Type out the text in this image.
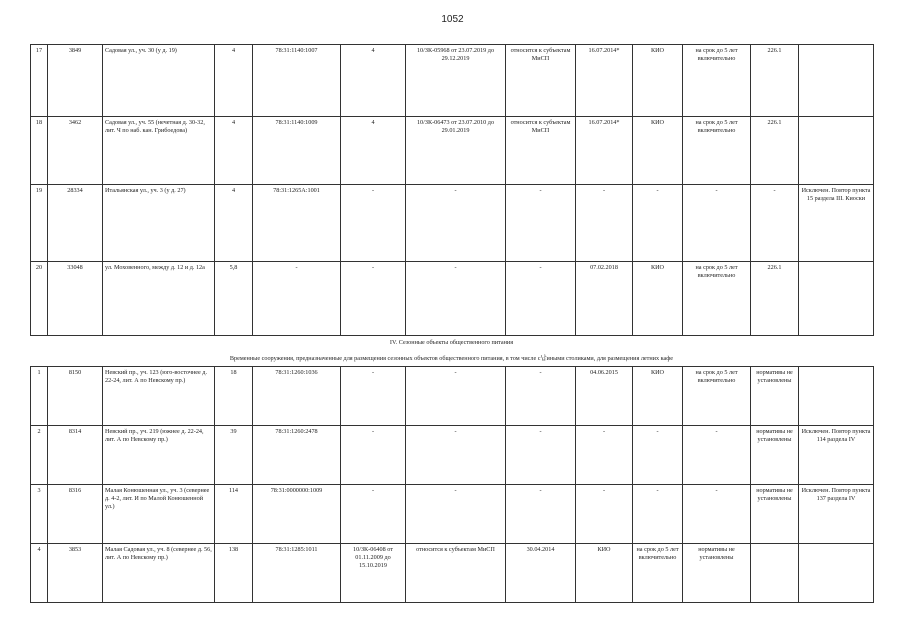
1052
17	3849	Садовая ул., уч. 30 (у д. 19)	4	78:31:1140:1007	4	10/ЗК-05968 от 23.07.2019 до 29.12.2019	относится к субъектам МиСП	16.07.2014*	КИО	на срок до 5 лет включительно	226.1	
18	3462	Садовая ул., уч. 55 (нечетная д. 30-32, лит. Ч по наб. кан. Грибоедова)	4	78:31:1140:1009	4	10/ЗК-06473 от 23.07.2010 до 29.01.2019	относится к субъектам МиСП	16.07.2014*	КИО	на срок до 5 лет включительно	226.1	
19	28334	Итальянская ул., уч. 3 (у д. 27)	4	78:31:1265А:1001	-	-	-	-	-	-	-	Исключен. Повтор пункта 15 раздела III. Киоски
20	33048	ул. Моховенного, между д. 12 и д. 12а	5,8	-	-	-	-	07.02.2018	КИО	на срок до 5 лет включительно	226.1	
IV. Сезонные объекты общественного питания
Временные сооружения, предназначенные для размещения сезонных объектов общественного питания, в том числе с납иными столиками, для размещения летних кафе
1	8150	Невский пр., уч. 123 (юго-восточнее д. 22-24, лит. А по Невскому пр.)	18	78:31:1260:1036	-	-	-	04.06.2015	КИО	на срок до 5 лет включительно	нормативы не установлены	
2	8314	Невский пр., уч. 219 (южнее д. 22-24, лит. А по Невскому пр.)	39	78:31:1260:2478	-	-	-	-	-	-	нормативы не установлены	Исключен. Повтор пункта 114 раздела IV
3	8316	Малая Конюшенная ул., уч. 3 (севернее д. 4-2, лит. И по Малой Конюшенной ул.)	114	78:31:0000000:1009	-	-	-	-	-	-	нормативы не установлены	Исключен. Повтор пункта 137 раздела IV
4	3853	Малая Садовая ул., уч. 8 (севернее д. 56, лит. А по Невскому пр.)	138	78:31:1285:1011	10/ЗК-06408 от 01.11.2009 до 15.10.2019	относится к субъектам МиСП	30.04.2014	КИО	на срок до 5 лет включительно	нормативы не установлены		
